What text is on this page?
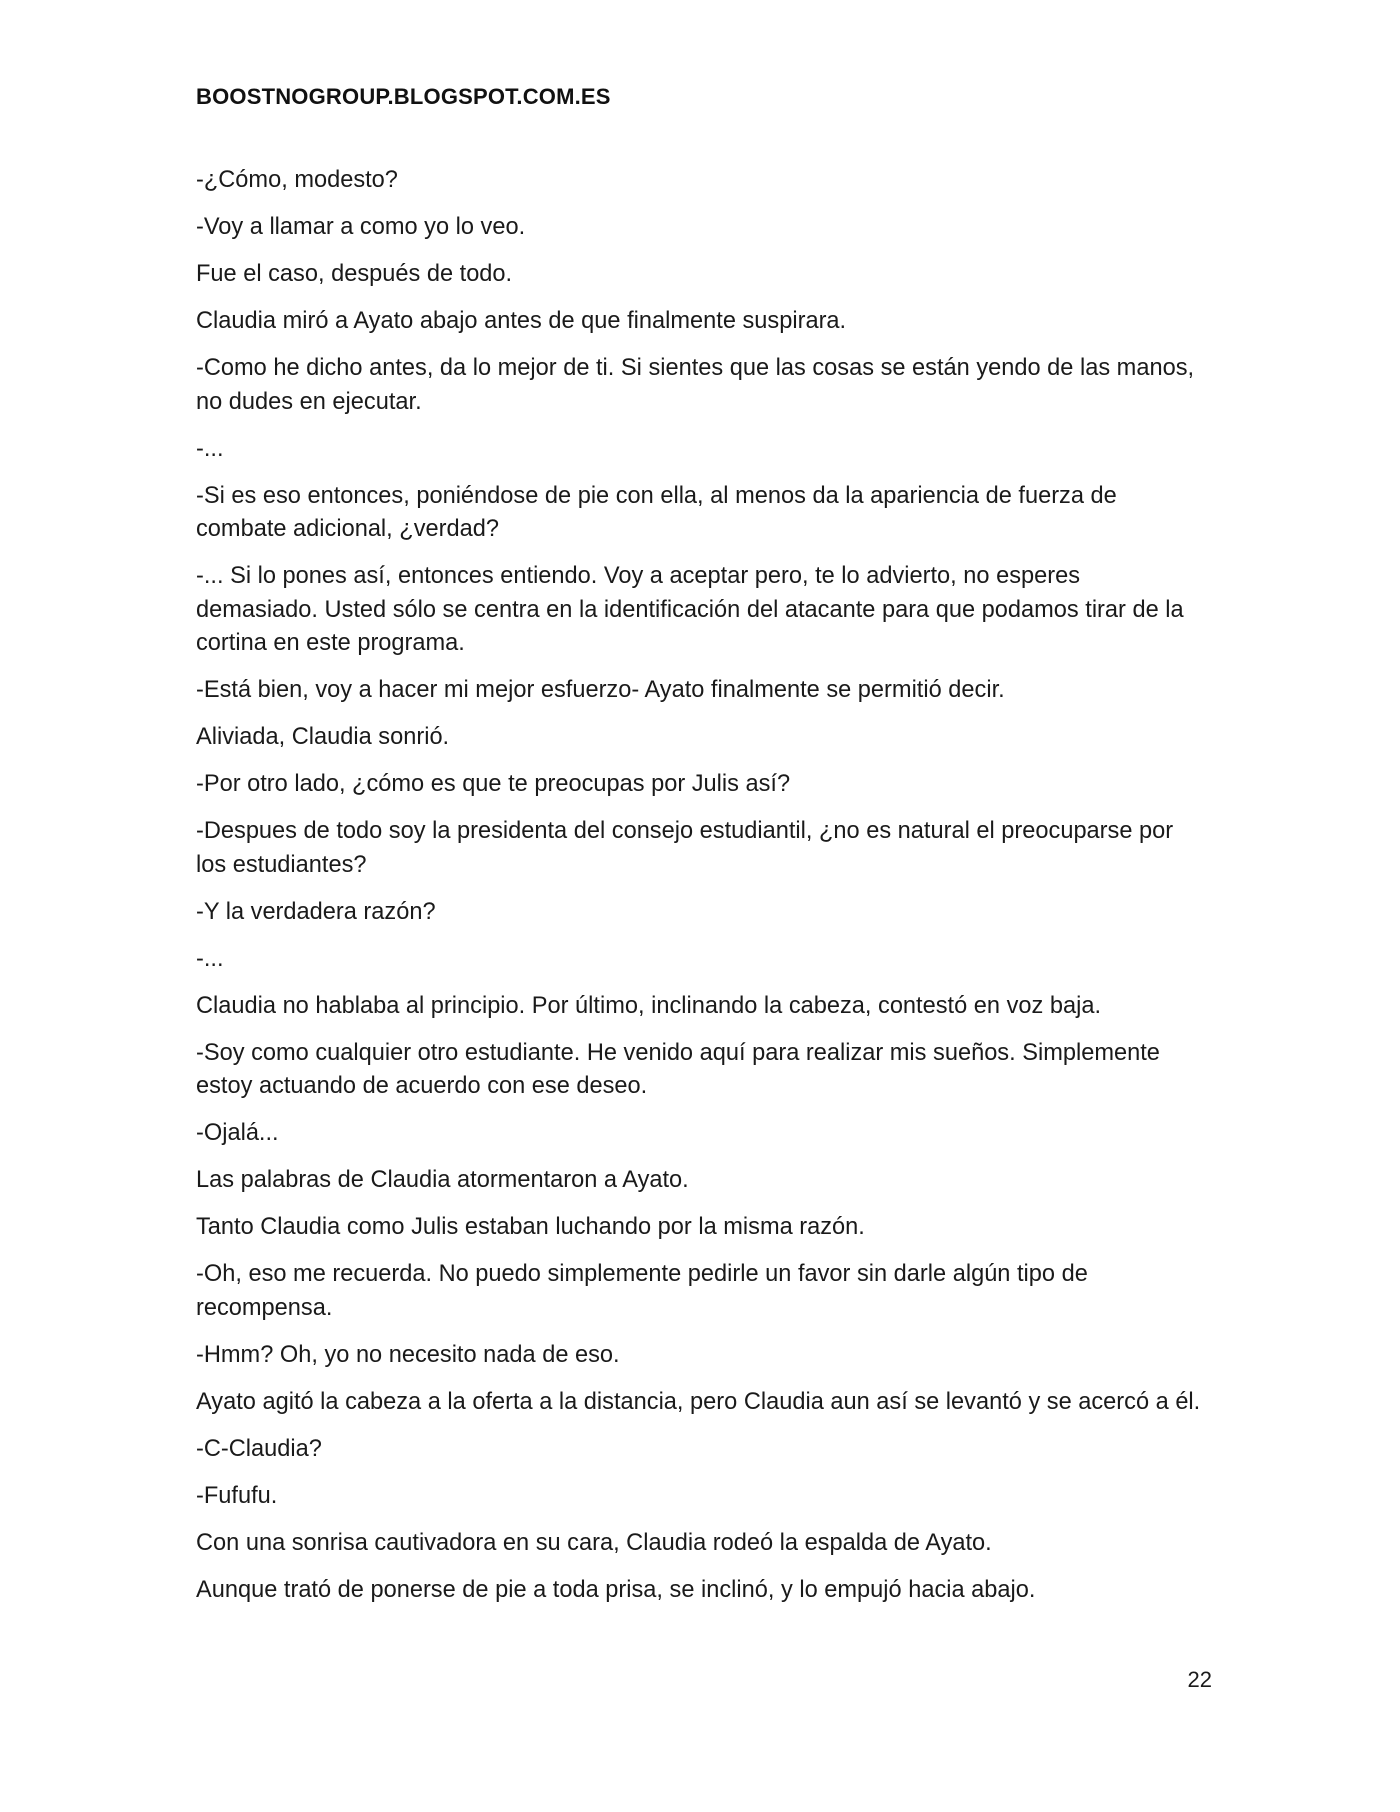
BOOSTNOGROUP.BLOGSPOT.COM.ES

-¿Cómo, modesto?

-Voy a llamar a como yo lo veo.

Fue el caso, después de todo.

Claudia miró a Ayato abajo antes de que finalmente suspirara.

-Como he dicho antes, da lo mejor de ti. Si sientes que las cosas se están yendo de las manos, no dudes en ejecutar.

-...

-Si es eso entonces, poniéndose de pie con ella, al menos da la apariencia de fuerza de combate adicional, ¿verdad?

-... Si lo pones así, entonces entiendo. Voy a aceptar pero, te lo advierto, no esperes demasiado. Usted sólo se centra en la identificación del atacante para que podamos tirar de la cortina en este programa.

-Está bien, voy a hacer mi mejor esfuerzo- Ayato finalmente se permitió decir.

Aliviada, Claudia sonrió.

-Por otro lado, ¿cómo es que te preocupas por Julis así?

-Despues de todo soy la presidenta del consejo estudiantil, ¿no es natural el preocuparse por los estudiantes?

-Y la verdadera razón?

-...

Claudia no hablaba al principio. Por último, inclinando la cabeza, contestó en voz baja.

-Soy como cualquier otro estudiante. He venido aquí para realizar mis sueños. Simplemente estoy actuando de acuerdo con ese deseo.

-Ojalá...

Las palabras de Claudia atormentaron a Ayato.

Tanto Claudia como Julis estaban luchando por la misma razón.

-Oh, eso me recuerda. No puedo simplemente pedirle un favor sin darle algún tipo de recompensa.

-Hmm? Oh, yo no necesito nada de eso.

Ayato agitó la cabeza a la oferta a la distancia, pero Claudia aun así se levantó y se acercó a él.

-C-Claudia?

-Fufufu.

Con una sonrisa cautivadora en su cara, Claudia rodeó la espalda de Ayato.

Aunque trató de ponerse de pie a toda prisa, se inclinó, y lo empujó hacia abajo.

22
